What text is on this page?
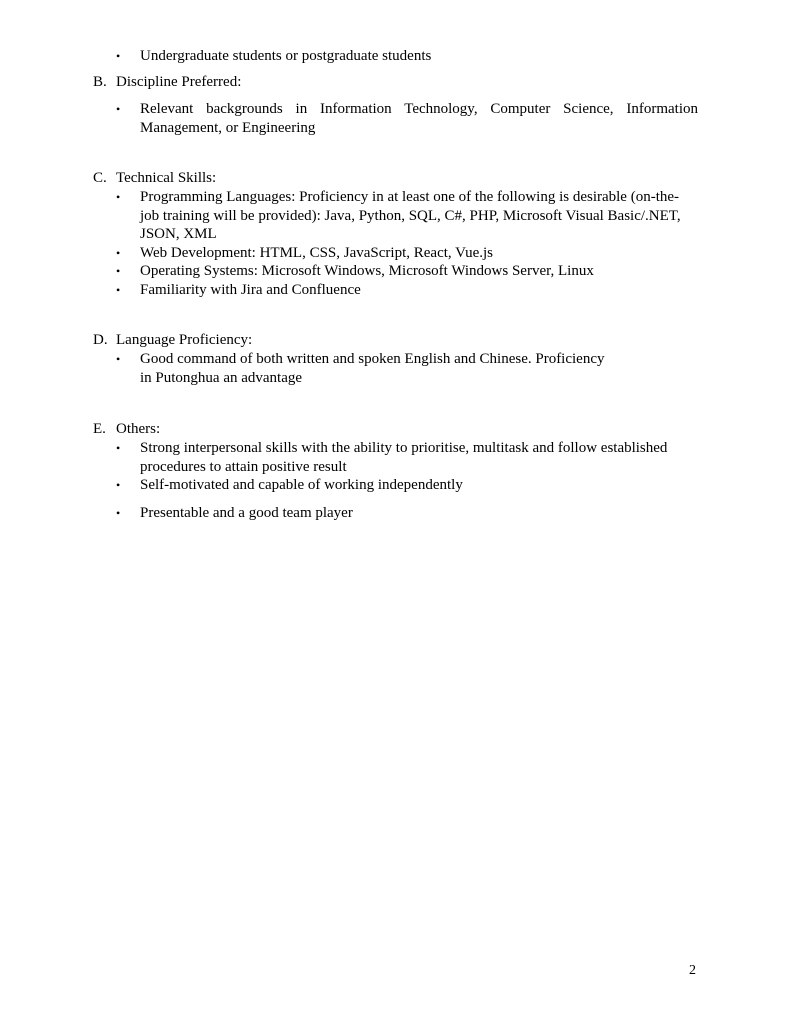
•	Undergraduate students or postgraduate students
B. Discipline Preferred:
•	Relevant backgrounds in Information Technology, Computer Science, Information Management, or Engineering
C. Technical Skills:
•	Programming Languages: Proficiency in at least one of the following is desirable (on-the-job training will be provided): Java, Python, SQL, C#, PHP, Microsoft Visual Basic/.NET, JSON, XML
•	Web Development: HTML, CSS, JavaScript, React, Vue.js
•	Operating Systems: Microsoft Windows, Microsoft Windows Server, Linux
•	Familiarity with Jira and Confluence
D. Language Proficiency:
•	Good command of both written and spoken English and Chinese. Proficiency in Putonghua an advantage
E. Others:
•	Strong interpersonal skills with the ability to prioritise, multitask and follow established procedures to attain positive result
•	Self-motivated and capable of working independently
•	Presentable and a good team player
2
